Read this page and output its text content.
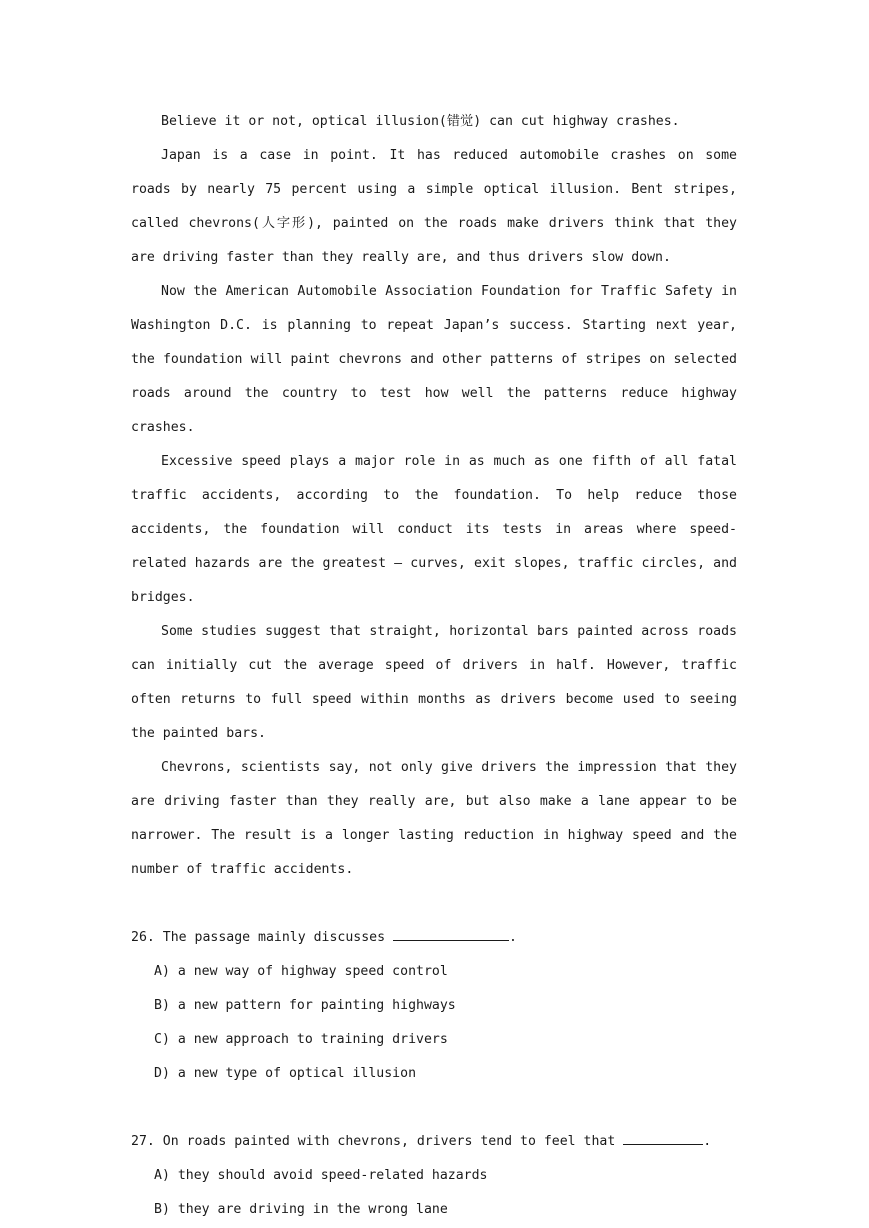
Believe it or not, optical illusion(错觉) can cut highway crashes.

Japan is a case in point. It has reduced automobile crashes on some roads by nearly 75 percent using a simple optical illusion. Bent stripes, called chevrons(人字形), painted on the roads make drivers think that they are driving faster than they really are, and thus drivers slow down.

Now the American Automobile Association Foundation for Traffic Safety in Washington D.C. is planning to repeat Japan’s success. Starting next year, the foundation will paint chevrons and other patterns of stripes on selected roads around the country to test how well the patterns reduce highway crashes.

Excessive speed plays a major role in as much as one fifth of all fatal traffic accidents, according to the foundation. To help reduce those accidents, the foundation will conduct its tests in areas where speed-related hazards are the greatest — curves, exit slopes, traffic circles, and bridges.

Some studies suggest that straight, horizontal bars painted across roads can initially cut the average speed of drivers in half. However, traffic often returns to full speed within months as drivers become used to seeing the painted bars.

Chevrons, scientists say, not only give drivers the impression that they are driving faster than they really are, but also make a lane appear to be narrower. The result is a longer lasting reduction in highway speed and the number of traffic accidents.

26. The passage mainly discusses	.

A) a new way of highway speed control

B) a new pattern for painting highways

C) a new approach to training drivers

D) a new type of optical illusion

27. On roads painted with chevrons, drivers tend to feel that	.

A) they should avoid speed-related hazards

B) they are driving in the wrong lane
